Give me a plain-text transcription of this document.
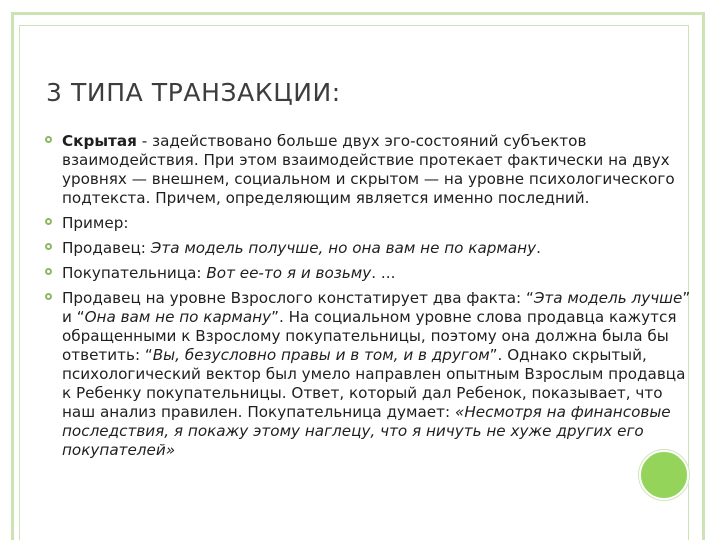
3 ТИПА ТРАНЗАКЦИИ:
Скрытая - задействовано больше двух эго-состояний субъектов взаимодействия. При этом взаимодействие протекает фактически на двух уровнях — внешнем, социальном и скрытом — на уровне психологического подтекста. Причем, определяющим является именно последний.
Пример:
Продавец: Эта модель получше, но она вам не по карману.
Покупательница: Вот ее-то я и возьму. ...
Продавец на уровне Взрослого констатирует два факта: “Эта модель лучше” и “Она вам не по карману”. На социальном уровне слова продавца кажутся обращенными к Взрослому покупательницы, поэтому она должна была бы ответить: “Вы, безусловно правы и в том, и в другом”. Однако скрытый, психологический вектор был умело направлен опытным Взрослым продавца к Ребенку покупательницы. Ответ, который дал Ребенок, показывает, что наш анализ правилен. Покупательница думает: «Несмотря на финансовые последствия, я покажу этому наглецу, что я ничуть не хуже других его покупателей»
